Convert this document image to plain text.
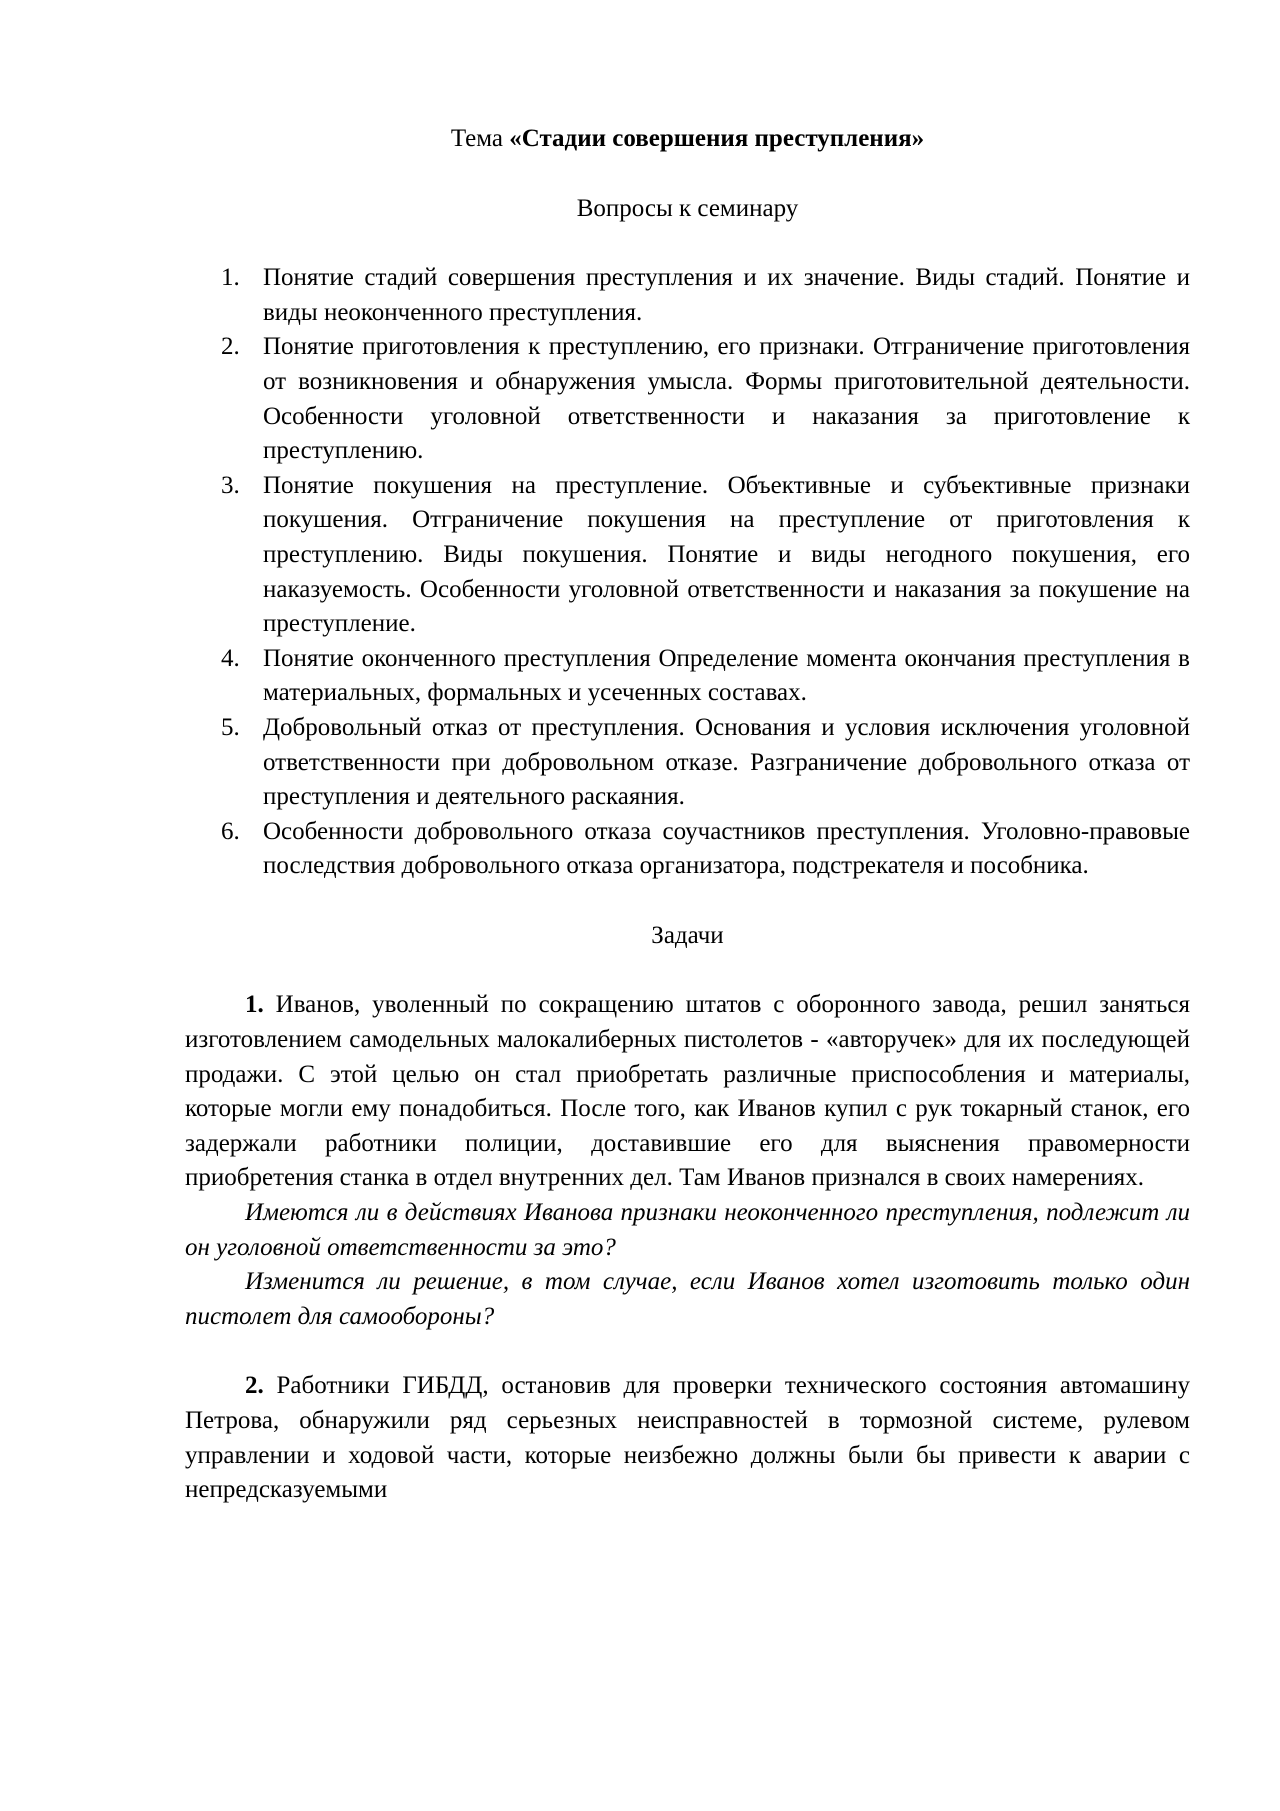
Тема «Стадии совершения преступления»
Вопросы к семинару
1. Понятие стадий совершения преступления и их значение. Виды стадий. Понятие и виды неоконченного преступления.
2. Понятие приготовления к преступлению, его признаки. Отграничение приготовления от возникновения и обнаружения умысла. Формы приготовительной деятельности. Особенности уголовной ответственности и наказания за приготовление к преступлению.
3. Понятие покушения на преступление. Объективные и субъективные признаки покушения. Отграничение покушения на преступление от приготовления к преступлению. Виды покушения. Понятие и виды негодного покушения, его наказуемость. Особенности уголовной ответственности и наказания за покушение на преступление.
4. Понятие оконченного преступления Определение момента окончания преступления в материальных, формальных и усеченных составах.
5. Добровольный отказ от преступления. Основания и условия исключения уголовной ответственности при добровольном отказе. Разграничение добровольного отказа от преступления и деятельного раскаяния.
6. Особенности добровольного отказа соучастников преступления. Уголовно-правовые последствия добровольного отказа организатора, подстрекателя и пособника.
Задачи

1. Иванов, уволенный по сокращению штатов с оборонного завода, решил заняться изготовлением самодельных малокалиберных пистолетов - «авторучек» для их последующей продажи. С этой целью он стал приобретать различные приспособления и материалы, которые могли ему понадобиться. После того, как Иванов купил с рук токарный станок, его задержали работники полиции, доставившие его для выяснения правомерности приобретения станка в отдел внутренних дел. Там Иванов признался в своих намерениях.

Имеются ли в действиях Иванова признаки неоконченного преступления, подлежит ли он уголовной ответственности за это?

Изменится ли решение, в том случае, если Иванов хотел изготовить только один пистолет для самообороны?

2. Работники ГИБДД, остановив для проверки технического состояния автомашину Петрова, обнаружили ряд серьезных неисправностей в тормозной системе, рулевом управлении и ходовой части, которые неизбежно должны были бы привести к аварии с непредсказуемыми
